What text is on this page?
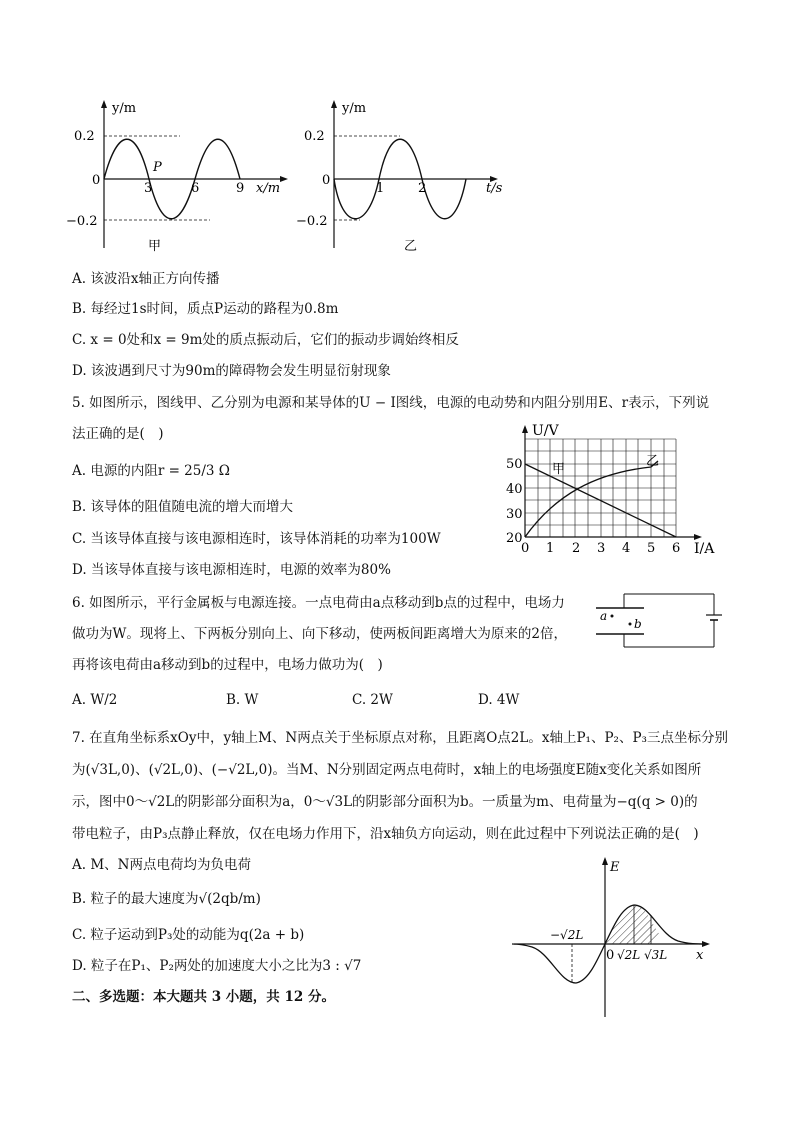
y/m
x/m
0.2
0
−0.2
3	6	9
P
甲
y/m
t/s
0.2
0
−0.2
1	2
乙
A. 该波沿x轴正方向传播
B. 每经过1s时间，质点P运动的路程为0.8m
C. x = 0处和x = 9m处的质点振动后，它们的振动步调始终相反
D. 该波遇到尺寸为90m的障碍物会发生明显衍射现象
5. 如图所示，图线甲、乙分别为电源和某导体的U − I图线，电源的电动势和内阻分别用E、r表示，下列说
法正确的是(　)
A. 电源的内阻r = 25/3 Ω
B. 该导体的阻值随电流的增大而增大
C. 当该导体直接与该电源相连时，该导体消耗的功率为100W
D. 当该导体直接与该电源相连时，电源的效率为80%
U/V
I/A
50
40
30
20
0 1 2 3 4 5 6
甲
乙
6. 如图所示，平行金属板与电源连接。一点电荷由a点移动到b点的过程中，电场力
做功为W。现将上、下两板分别向上、向下移动，使两板间距离增大为原来的2倍，
再将该电荷由a移动到b的过程中，电场力做功为(　)
a
b
A. W/2	B. W	C. 2W	D. 4W
7. 在直角坐标系xOy中，y轴上M、N两点关于坐标原点对称，且距离O点2L。x轴上P₁、P₂、P₃三点坐标分别
为(√3L,0)、(√2L,0)、(−√2L,0)。当M、N分别固定两点电荷时，x轴上的电场强度E随x变化关系如图所
示，图中0～√2L的阴影部分面积为a，0～√3L的阴影部分面积为b。一质量为m、电荷量为−q(q > 0)的
带电粒子，由P₃点静止释放，仅在电场力作用下，沿x轴负方向运动，则在此过程中下列说法正确的是(　)
A. M、N两点电荷均为负电荷
B. 粒子的最大速度为√(2qb/m)
C. 粒子运动到P₃处的动能为q(2a + b)
D. 粒子在P₁、P₂两处的加速度大小之比为3 : √7
E
x
0
−√2L
√2L √3L
二、多选题：本大题共 3 小题，共 12 分。
